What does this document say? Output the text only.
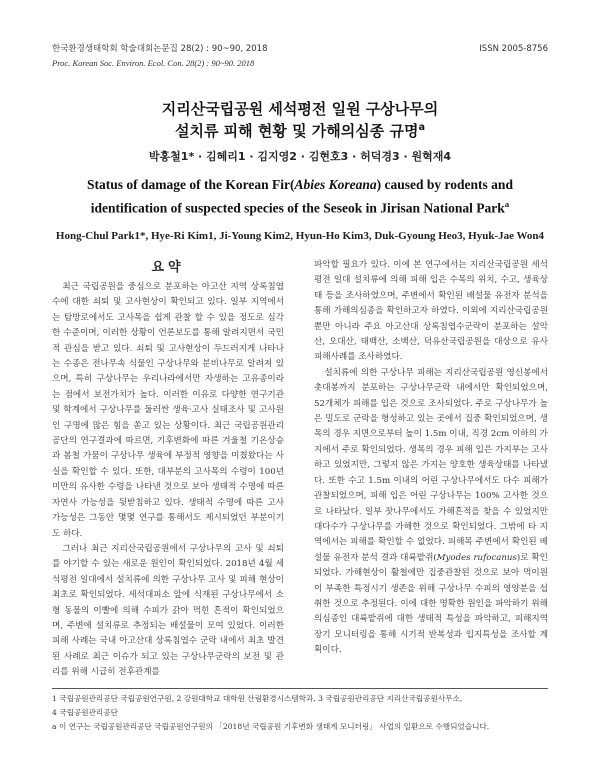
한국환경생태학회 학술대회논문집 28(2) : 90~90, 2018	ISSN 2005-8756
Proc. Korean Soc. Environ. Ecol. Con. 28(2) : 90~90. 2018
지리산국립공원 세석평전 일원 구상나무의
설치류 피해 현황 및 가해의심종 규명$^a$
박홍철1* · 김혜리1 · 김지영2 · 김현호3 · 허덕경3 · 원혁재4
Status of damage of the Korean Fir(Abies Koreana) caused by rodents and
identification of suspected species of the Seseok in Jirisan National Park$^a$
Hong-Chul Park1*, Hye-Ri Kim1, Ji-Young Kim2, Hyun-Ho Kim3, Duk-Gyoung Heo3, Hyuk-Jae Won4
요약

최근 국립공원을 중심으로 분포하는 아고산 지역 상록침엽수에 대한 쇠퇴 및 고사현상이 확인되고 있다. 일부 지역에서는 탐방로에서도 고사목을 쉽게 관찰 할 수 있을 정도로 심각한 수준이며, 이러한 상황이 언론보도를 통해 알려지면서 국민적 관심을 받고 있다. 쇠퇴 및 고사현상이 두드러지게 나타나는 수종은 전나무속 식물인 구상나무와 분비나무로 알려져 있으며, 특히 구상나무는 우리나라에서만 자생하는 고유종이라는 점에서 보전가치가 높다. 이러한 이유로 다양한 연구기관 및 학계에서 구상나무를 둘러싼 생육·고사 실태조사 및 고사원인 구명에 많은 힘을 쏟고 있는 상황이다. 최근 국립공원관리공단의 연구결과에 따르면, 기후변화에 따른 겨울철 기온상승과 봄철 가뭄이 구상나무 생육에 부정적 영향을 미쳤왔다는 사실을 확인할 수 있다. 또한, 대부분의 고사목의 수령이 100년 미만의 유사한 수령을 나타낸 것으로 보아 생태적 수명에 따른 자연사 가능성을 뒷받침하고 있다. 생태적 수명에 따른 고사 가능성은 그동안 몇몇 연구를 통해서도 제시되었던 부분이기도 하다.

그러나 최근 지리산국립공원에서 구상나무의 고사 및 쇠퇴를 야기할 수 있는 새로운 원인이 확인되었다. 2018년 4월 세석평전 일대에서 설치류에 의한 구상나무 고사 및 피해 현상이 최초로 확인되었다. 세석대피소 앞에 식재된 구상나무에서 소형 동물의 이빨에 의해 수피가 갉아 먹힌 흔적이 확인되었으며, 주변에 설치류로 추정되는 배설물이 모여 있었다. 이러한 피해 사례는 국내 아고산대 상록침엽수 군락 내에서 최초 발견된 사례로 최근 이슈가 되고 있는 구상나무군락의 보전 및 관리를 위해 시급히 전후관계를

파악할 필요가 있다. 이에 본 연구에서는 지리산국립공원 세석평전 일대 설치류에 의해 피해 입은 수목의 위치, 수고, 생육상태 등을 조사하였으며, 주변에서 확인된 배설물 유전자 분석을 통해 가해의심종을 확인하고자 하였다. 이외에 지리산국립공원뿐만 아니라 주요 아고산대 상록침엽수군락이 분포하는 설악산, 오대산, 태백산, 소백산, 덕유산국립공원을 대상으로 유사 피해사례를 조사하였다.

설치류에 의한 구상나무 피해는 지리산국립공원 영신봉에서 촛대봉까지 분포하는 구상나무군락 내에서만 확인되었으며, 52개체가 피해를 입은 것으로 조사되었다. 주로 구상나무가 높은 밀도로 군락을 형성하고 있는 곳에서 집중 확인되었으며, 생목의 경우 지면으로부터 높이 1.5m 이내, 직경 2cm 이하의 가지에서 주로 확인되었다. 생목의 경우 피해 입은 가지부는 고사하고 있었지만, 그렇지 않은 가지는 양호한 생육상태를 나타냈다. 또한 수고 1.5m 이내의 어린 구상나무에서도 다수 피해가 관찰되었으며, 피해 입은 어린 구상나무는 100% 고사한 것으로 나타났다. 일부 잣나무에서도 가해흔적을 찾을 수 있었지만 대다수가 구상나무를 가해한 것으로 확인되었다. 그밖에 타 지역에서는 피해를 확인할 수 없었다. 피해목 주변에서 확인된 배설물 유전자 분석 결과 대륙밭쥐(Myodes rufocanus)로 확인되었다. 가해현상이 활철에만 집중관찰된 것으로 보아 먹이원이 부족한 특정시기 생존을 위해 구상나무 수피의 영양분을 섭취한 것으로 추정된다. 이에 대한 명확한 원인을 파악하기 위해 의심종인 대륙밭쥐에 대한 생태적 특성을 파악하고, 피해지역 장기 모니터링을 통해 시기적 반복성과 입지특성을 조사할 계획이다.

1 국립공원관리공단 국립공원연구원, 2 강원대학교 대학원 산림환경시스템학과, 3 국립공원관리공단 지리산국립공원사무소,
4 국립공원관리공단
a 이 연구는 국립공원관리공단 국립공원연구원의 「2018년 국립공원 기후변화 생태계 모니터링」 사업의 일환으로 수행되었습니다.
